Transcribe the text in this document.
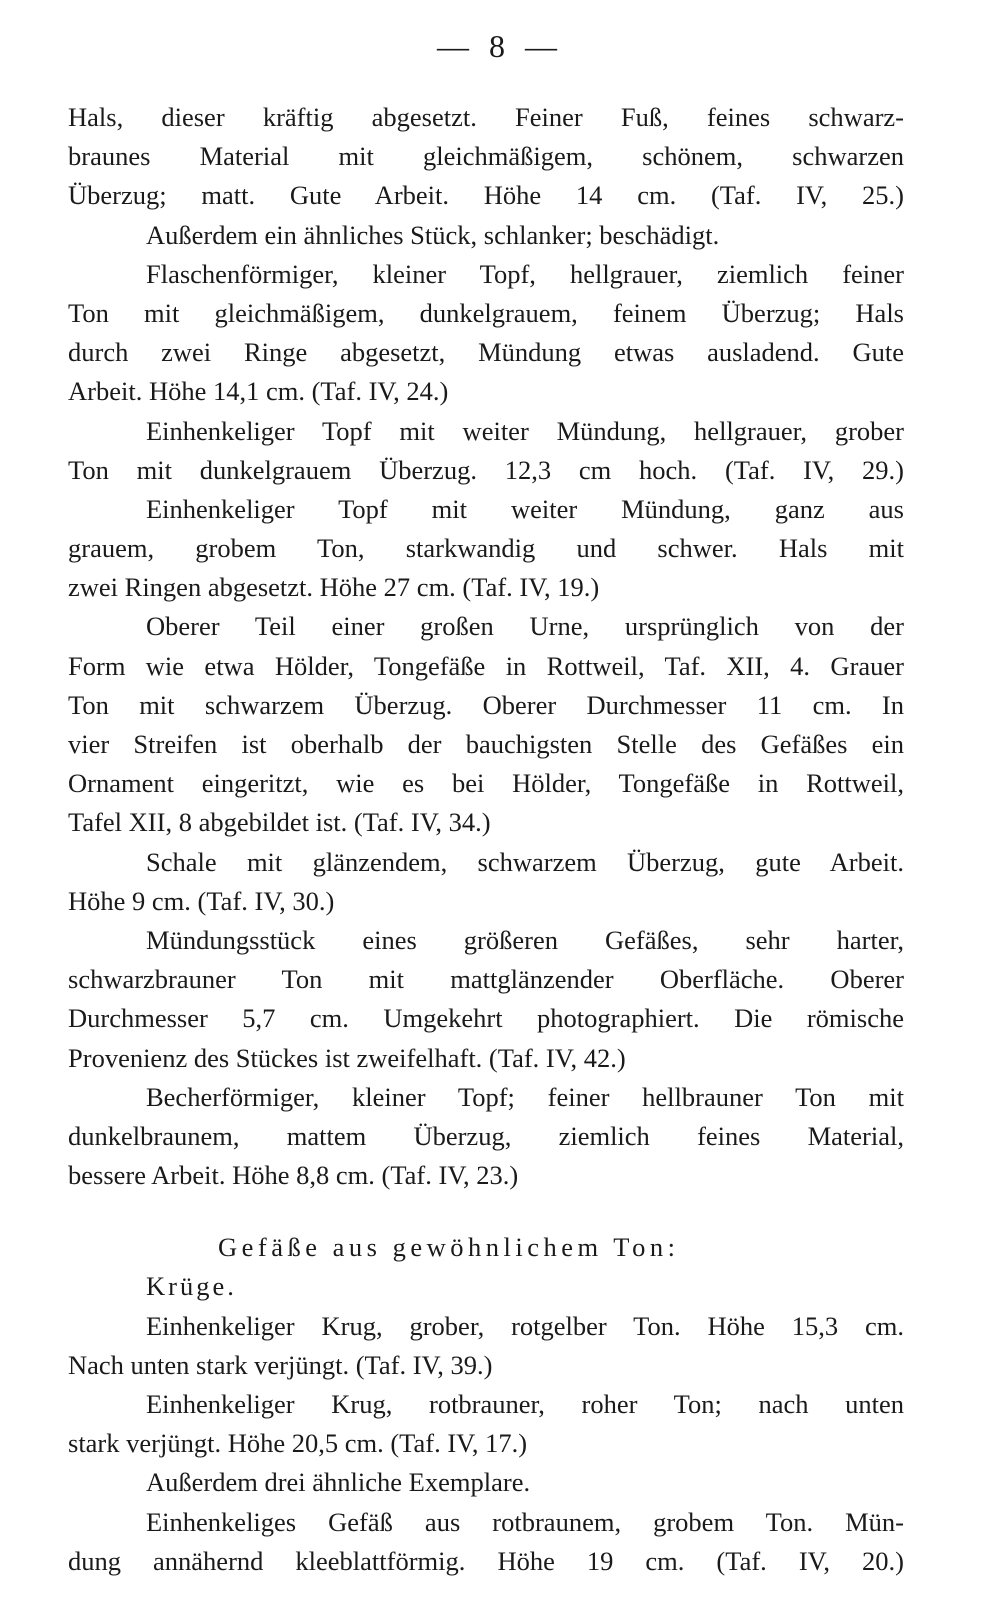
— 8 —
Hals, dieser kräftig abgesetzt. Feiner Fuß, feines schwarz-
braunes Material mit gleichmäßigem, schönem, schwarzen
Überzug; matt. Gute Arbeit. Höhe 14 cm. (Taf. IV, 25.)
Außerdem ein ähnliches Stück, schlanker; beschädigt.
Flaschenförmiger, kleiner Topf, hellgrauer, ziemlich feiner
Ton mit gleichmäßigem, dunkelgrauem, feinem Überzug; Hals
durch zwei Ringe abgesetzt, Mündung etwas ausladend. Gute
Arbeit. Höhe 14,1 cm. (Taf. IV, 24.)
Einhenkeliger Topf mit weiter Mündung, hellgrauer, grober
Ton mit dunkelgrauem Überzug. 12,3 cm hoch. (Taf. IV, 29.)
Einhenkeliger Topf mit weiter Mündung, ganz aus
grauem, grobem Ton, starkwandig und schwer. Hals mit
zwei Ringen abgesetzt. Höhe 27 cm. (Taf. IV, 19.)
Oberer Teil einer großen Urne, ursprünglich von der
Form wie etwa Hölder, Tongefäße in Rottweil, Taf. XII, 4. Grauer
Ton mit schwarzem Überzug. Oberer Durchmesser 11 cm. In
vier Streifen ist oberhalb der bauchigsten Stelle des Gefäßes ein
Ornament eingeritzt, wie es bei Hölder, Tongefäße in Rottweil,
Tafel XII, 8 abgebildet ist. (Taf. IV, 34.)
Schale mit glänzendem, schwarzem Überzug, gute Arbeit.
Höhe 9 cm. (Taf. IV, 30.)
Mündungsstück eines größeren Gefäßes, sehr harter,
schwarzbrauner Ton mit mattglänzender Oberfläche. Oberer
Durchmesser 5,7 cm. Umgekehrt photographiert. Die römische
Provenienz des Stückes ist zweifelhaft. (Taf. IV, 42.)
Becherförmiger, kleiner Topf; feiner hellbrauner Ton mit
dunkelbraunem, mattem Überzug, ziemlich feines Material,
bessere Arbeit. Höhe 8,8 cm. (Taf. IV, 23.)
Gefäße aus gewöhnlichem Ton:
Krüge.
Einhenkeliger Krug, grober, rotgelber Ton. Höhe 15,3 cm.
Nach unten stark verjüngt. (Taf. IV, 39.)
Einhenkeliger Krug, rotbrauner, roher Ton; nach unten
stark verjüngt. Höhe 20,5 cm. (Taf. IV, 17.)
Außerdem drei ähnliche Exemplare.
Einhenkeliges Gefäß aus rotbraunem, grobem Ton. Mün-
dung annähernd kleeblattförmig. Höhe 19 cm. (Taf. IV, 20.)
